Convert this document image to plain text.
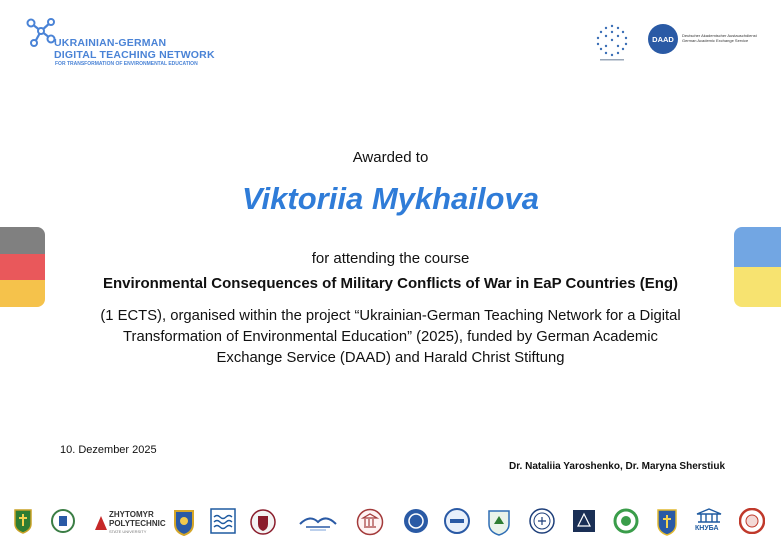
UKRAINIAN-GERMAN
DIGITAL TEACHING NETWORK
FOR TRANSFORMATION OF ENVIRONMENTAL EDUCATION
DAAD	Deutscher Akademischer Austauschdienst
German Academic Exchange Service
Awarded to
Viktoriia Mykhailova
for attending the course
Environmental Consequences of Military Conflicts of War in EaP Countries (Eng)
(1 ECTS), organised within the project “Ukrainian-German Teaching Network for a Digital
Transformation of Environmental Education” (2025), funded by German Academic
Exchange Service (DAAD) and Harald Christ Stiftung
10. Dezember 2025
Dr. Nataliia Yaroshenko, Dr. Maryna Sherstiuk
ZHYTOMYR
POLYTECHNIC
STATE UNIVERSITY	КНУБА
